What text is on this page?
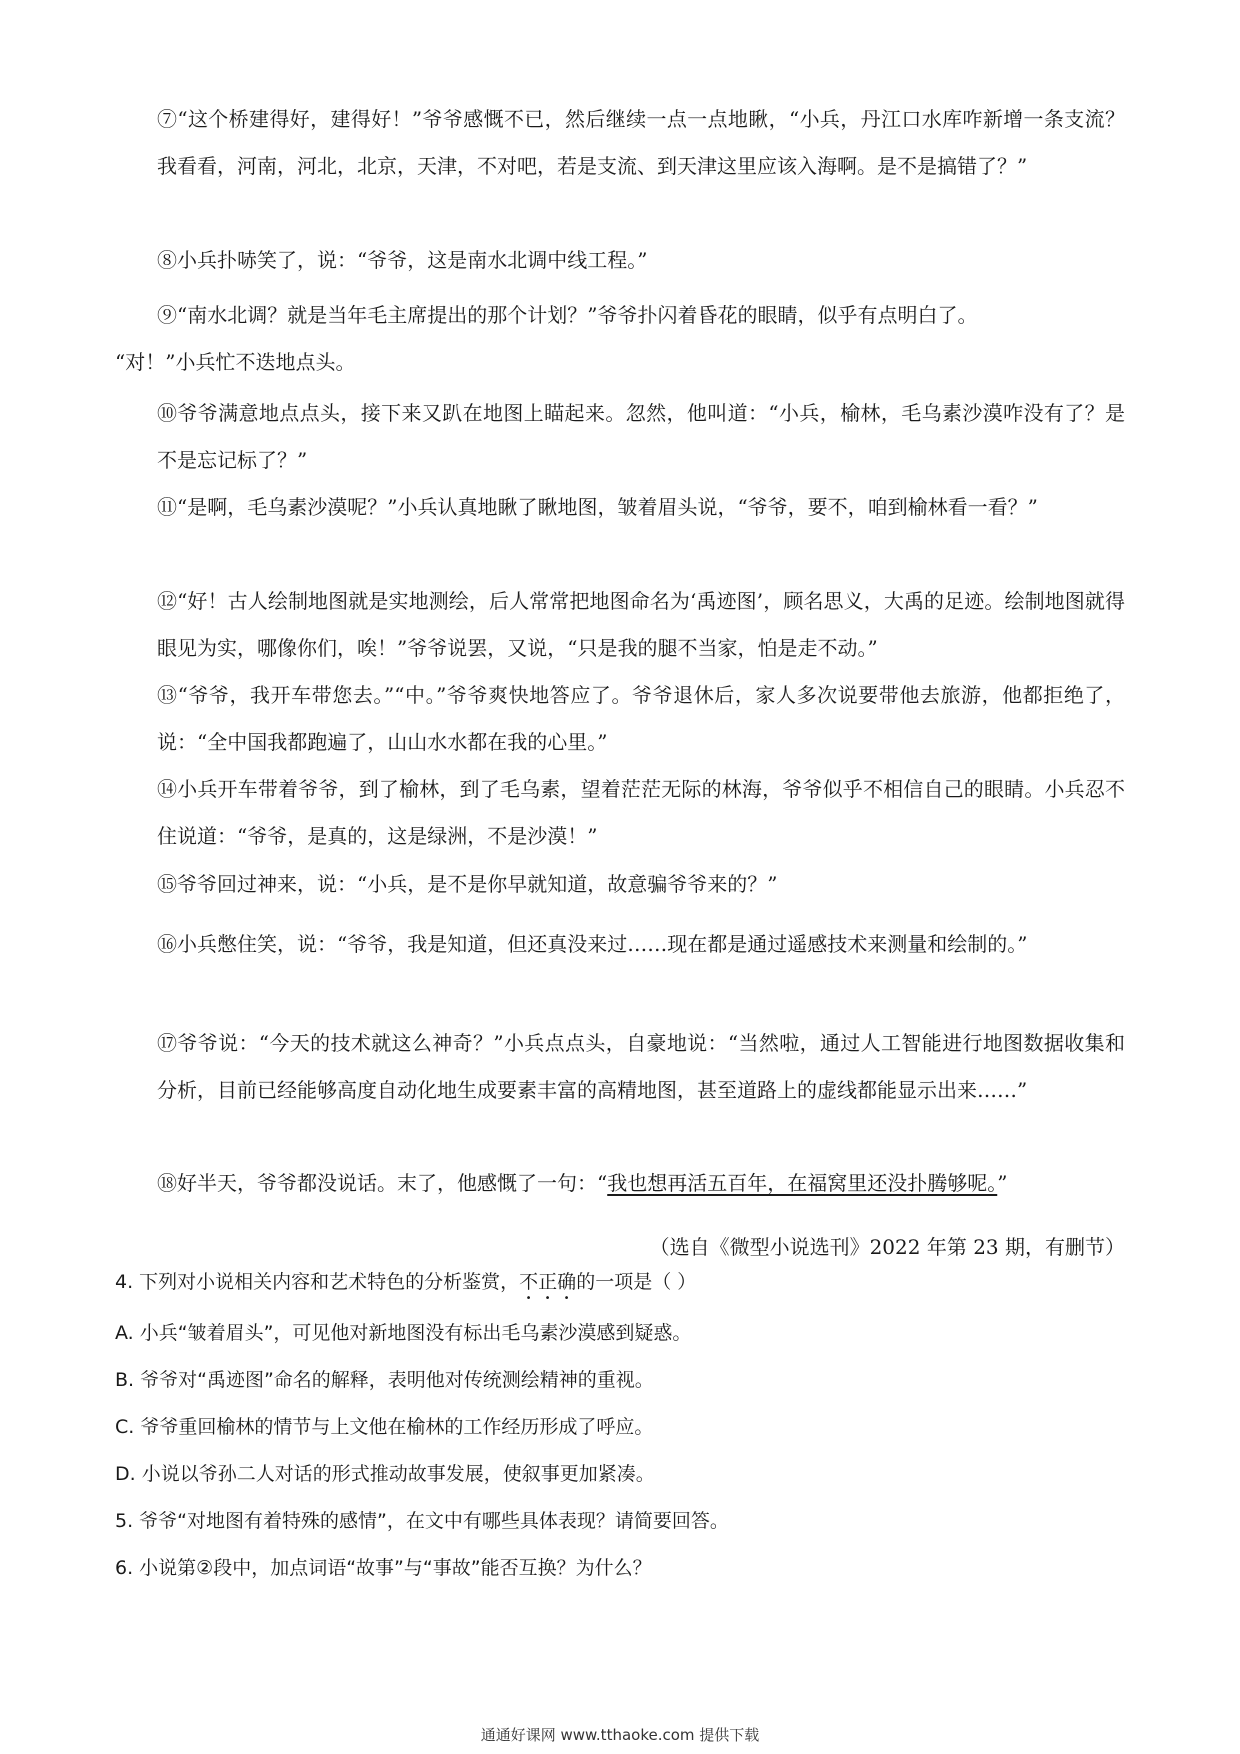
⑦“这个桥建得好，建得好！”爷爷感慨不已，然后继续一点一点地瞅，“小兵，丹江口水库咋新增一条支流？我看看，河南，河北，北京，天津，不对吧，若是支流、到天津这里应该入海啊。是不是搞错了？”
⑧小兵扑哧笑了，说：“爷爷，这是南水北调中线工程。”
⑨“南水北调？就是当年毛主席提出的那个计划？”爷爷扑闪着昏花的眼睛，似乎有点明白了。
“对！”小兵忙不迭地点头。
⑩爷爷满意地点点头，接下来又趴在地图上瞄起来。忽然，他叫道：“小兵，榆林，毛乌素沙漠咋没有了？是不是忘记标了？”
⑪“是啊，毛乌素沙漠呢？”小兵认真地瞅了瞅地图，皱着眉头说，“爷爷，要不，咱到榆林看一看？”
⑫“好！古人绘制地图就是实地测绘，后人常常把地图命名为‘禹迹图’，顾名思义，大禹的足迹。绘制地图就得眼见为实，哪像你们，唉！”爷爷说罢，又说，“只是我的腿不当家，怕是走不动。”
⑬“爷爷，我开车带您去。”“中。”爷爷爽快地答应了。爷爷退休后，家人多次说要带他去旅游，他都拒绝了，说：“全中国我都跑遍了，山山水水都在我的心里。”
⑭小兵开车带着爷爷，到了榆林，到了毛乌素，望着茫茫无际的林海，爷爷似乎不相信自己的眼睛。小兵忍不住说道：“爷爷，是真的，这是绿洲，不是沙漠！”
⑮爷爷回过神来，说：“小兵，是不是你早就知道，故意骗爷爷来的？”
⑯小兵憋住笑，说：“爷爷，我是知道，但还真没来过……现在都是通过遥感技术来测量和绘制的。”
⑰爷爷说：“今天的技术就这么神奇？”小兵点点头，自豪地说：“当然啦，通过人工智能进行地图数据收集和分析，目前已经能够高度自动化地生成要素丰富的高精地图，甚至道路上的虚线都能显示出来……”
⑱好半天，爷爷都没说话。末了，他感慨了一句：“我也想再活五百年，在福窝里还没扑腾够呢。”
（选自《微型小说选刊》2022 年第 23 期，有删节）
4. 下列对小说相关内容和艺术特色的分析鉴赏，不正确的一项是（ ）
A. 小兵“皱着眉头”，可见他对新地图没有标出毛乌素沙漠感到疑惑。
B. 爷爷对“禹迹图”命名的解释，表明他对传统测绘精神的重视。
C. 爷爷重回榆林的情节与上文他在榆林的工作经历形成了呼应。
D. 小说以爷孙二人对话的形式推动故事发展，使叙事更加紧凑。
5. 爷爷“对地图有着特殊的感情”，在文中有哪些具体表现？请简要回答。
6. 小说第②段中，加点词语“故事”与“事故”能否互换？为什么？
通通好课网 www.tthaoke.com 提供下载
